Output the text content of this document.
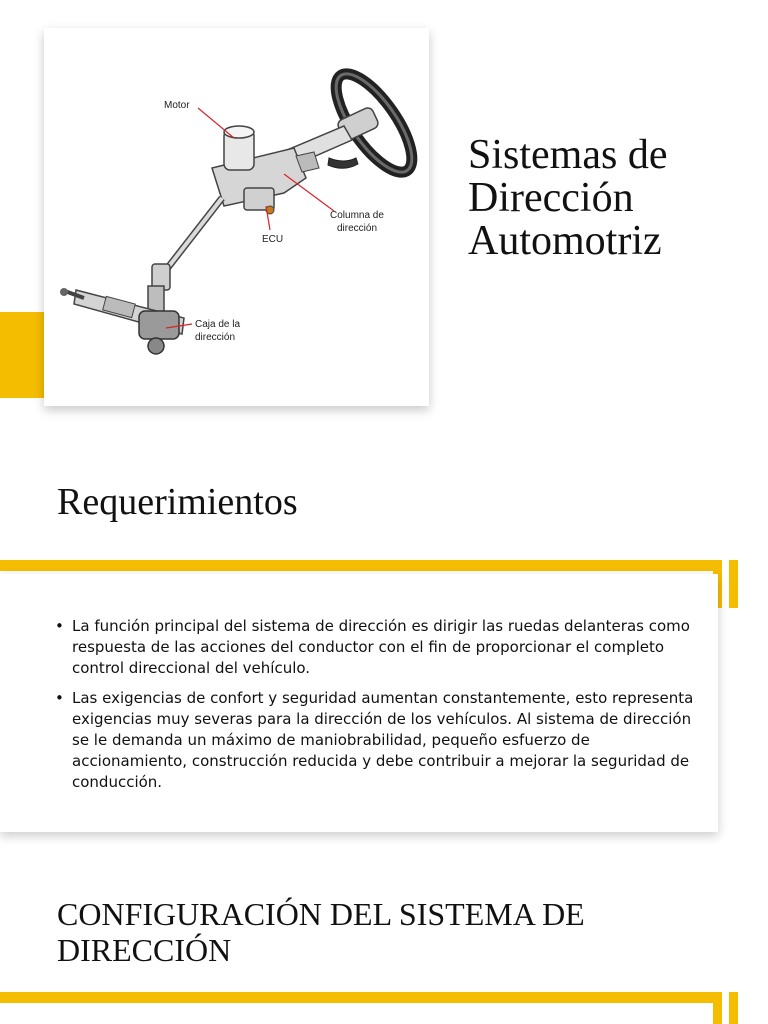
Motor
Columna de
dirección
ECU
Caja de la
dirección
Sistemas de
Dirección
Automotriz
Requerimientos
• La función principal del sistema de dirección es dirigir las ruedas delanteras como respuesta de las acciones del conductor con el fin de proporcionar el completo control direccional del vehículo.
• Las exigencias de confort y seguridad aumentan constantemente, esto representa exigencias muy severas para la dirección de los vehículos. Al sistema de dirección se le demanda un máximo de maniobrabilidad, pequeño esfuerzo de accionamiento, construcción reducida y debe contribuir a mejorar la seguridad de conducción.
CONFIGURACIÓN DEL SISTEMA DE
DIRECCIÓN
